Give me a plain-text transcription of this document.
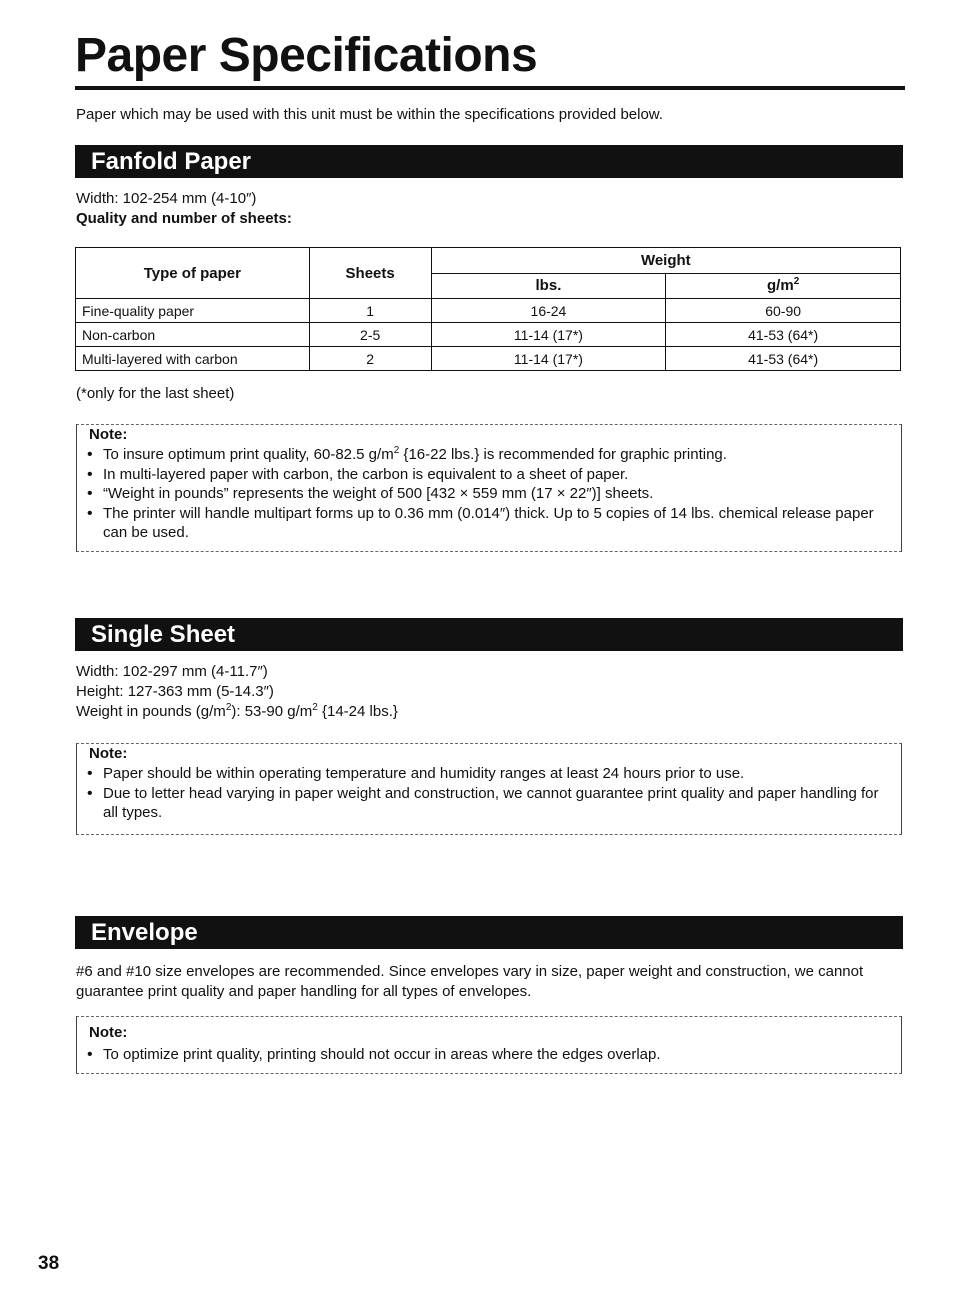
Paper Specifications
Paper which may be used with this unit must be within the specifications provided below.
Fanfold Paper
Width: 102-254 mm (4-10″)
Quality and number of sheets:
Type of paper	Sheets	Weight	
		lbs.	$g/m^2$
Fine-quality paper	1	16-24	60-90
Non-carbon	2-5	11-14 (17*)	41-53 (64*)
Multi-layered with carbon	2	11-14 (17*)	41-53 (64*)
(*only for the last sheet)
Note:
• To insure optimum print quality, 60-82.5 $g/m^2$ {16-22 lbs.} is recommended for graphic printing.
• In multi-layered paper with carbon, the carbon is equivalent to a sheet of paper.
• “Weight in pounds” represents the weight of 500 [432 × 559 mm (17 × 22″)] sheets.
• The printer will handle multipart forms up to 0.36 mm (0.014″) thick. Up to 5 copies of 14 lbs. chemical release paper can be used.
Single Sheet
Width: 102-297 mm (4-11.7″)
Height: 127-363 mm (5-14.3″)
Weight in pounds $(g/m^2)$: 53-90 $g/m^2$ {14-24 lbs.}
Note:
• Paper should be within operating temperature and humidity ranges at least 24 hours prior to use.
• Due to letter head varying in paper weight and construction, we cannot guarantee print quality and paper handling for all types.
Envelope
#6 and #10 size envelopes are recommended. Since envelopes vary in size, paper weight and construction, we cannot guarantee print quality and paper handling for all types of envelopes.
Note:
• To optimize print quality, printing should not occur in areas where the edges overlap.
38
